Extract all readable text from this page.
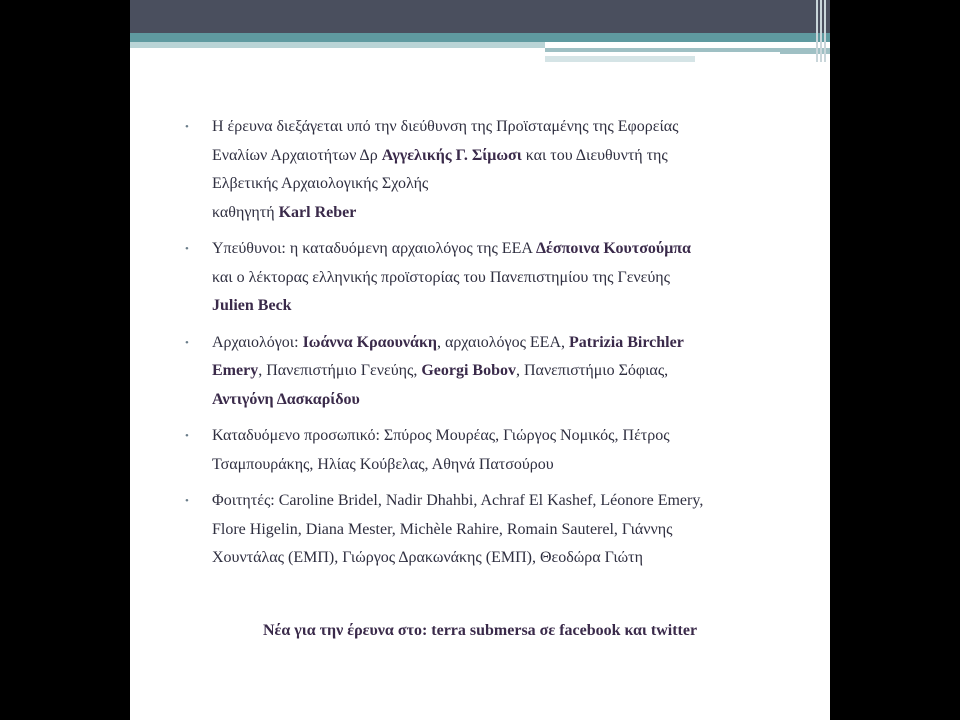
• Η έρευνα διεξάγεται υπό την διεύθυνση της Προϊσταμένης της Εφορείας
Εναλίων Αρχαιοτήτων Δρ Αγγελικής Γ. Σίμωσι και του Διευθυντή της
Ελβετικής Αρχαιολογικής Σχολής
καθηγητή Karl Reber
• Υπεύθυνοι: η καταδυόμενη αρχαιολόγος της ΕΕΑ Δέσποινα Κουτσούμπα
και ο λέκτορας ελληνικής προϊστορίας του Πανεπιστημίου της Γενεύης
Julien Beck
• Αρχαιολόγοι: Ιωάννα Κραουνάκη, αρχαιολόγος ΕΕΑ, Patrizia Birchler
Emery, Πανεπιστήμιο Γενεύης, Georgi Bobov, Πανεπιστήμιο Σόφιας,
Αντιγόνη Δασκαρίδου
• Καταδυόμενο προσωπικό: Σπύρος Μουρέας, Γιώργος Νομικός, Πέτρος
Τσαμπουράκης, Ηλίας Κούβελας, Αθηνά Πατσούρου
• Φοιτητές: Caroline Bridel, Nadir Dhahbi, Achraf El Kashef, Léonore Emery,
Flore Higelin, Diana Mester, Michèle Rahire, Romain Sauterel, Γιάννης
Χουντάλας (ΕΜΠ), Γιώργος Δρακωνάκης (ΕΜΠ), Θεοδώρα Γιώτη
Νέα για την έρευνα στο: terra submersa σε facebook και twitter
